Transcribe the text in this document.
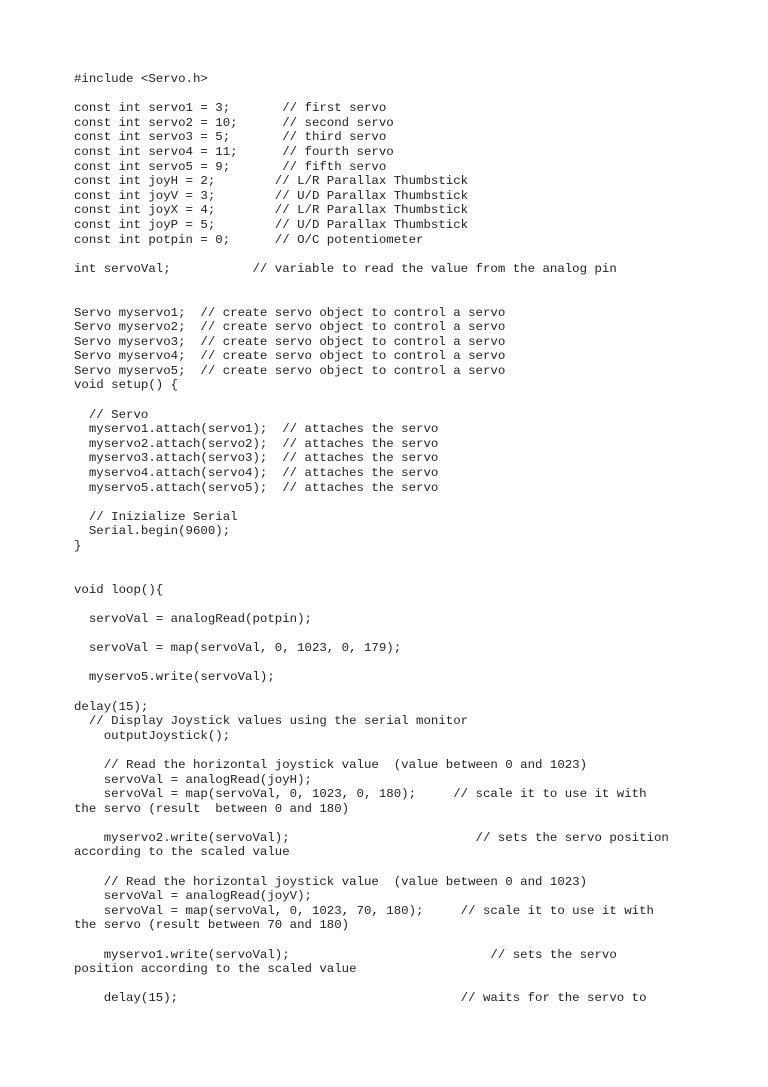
#include <Servo.h>
const int servo1 = 3;       // first servo
const int servo2 = 10;      // second servo
const int servo3 = 5;       // third servo
const int servo4 = 11;      // fourth servo
const int servo5 = 9;       // fifth servo
const int joyH = 2;        // L/R Parallax Thumbstick
const int joyV = 3;        // U/D Parallax Thumbstick
const int joyX = 4;        // L/R Parallax Thumbstick
const int joyP = 5;        // U/D Parallax Thumbstick
const int potpin = 0;      // O/C potentiometer
int servoVal;           // variable to read the value from the analog pin
Servo myservo1;  // create servo object to control a servo
Servo myservo2;  // create servo object to control a servo
Servo myservo3;  // create servo object to control a servo
Servo myservo4;  // create servo object to control a servo
Servo myservo5;  // create servo object to control a servo
void setup() {
// Servo
myservo1.attach(servo1);  // attaches the servo
myservo2.attach(servo2);  // attaches the servo
myservo3.attach(servo3);  // attaches the servo
myservo4.attach(servo4);  // attaches the servo
myservo5.attach(servo5);  // attaches the servo
// Inizialize Serial
Serial.begin(9600);
}
void loop(){
servoVal = analogRead(potpin);
servoVal = map(servoVal, 0, 1023, 0, 179);
myservo5.write(servoVal);
delay(15);
// Display Joystick values using the serial monitor
outputJoystick();
// Read the horizontal joystick value  (value between 0 and 1023)
servoVal = analogRead(joyH);
servoVal = map(servoVal, 0, 1023, 0, 180);     // scale it to use it with
the servo (result  between 0 and 180)
myservo2.write(servoVal);                         // sets the servo position
according to the scaled value
// Read the horizontal joystick value  (value between 0 and 1023)
servoVal = analogRead(joyV);
servoVal = map(servoVal, 0, 1023, 70, 180);     // scale it to use it with
the servo (result between 70 and 180)
myservo1.write(servoVal);                           // sets the servo
position according to the scaled value
delay(15);                                      // waits for the servo to
